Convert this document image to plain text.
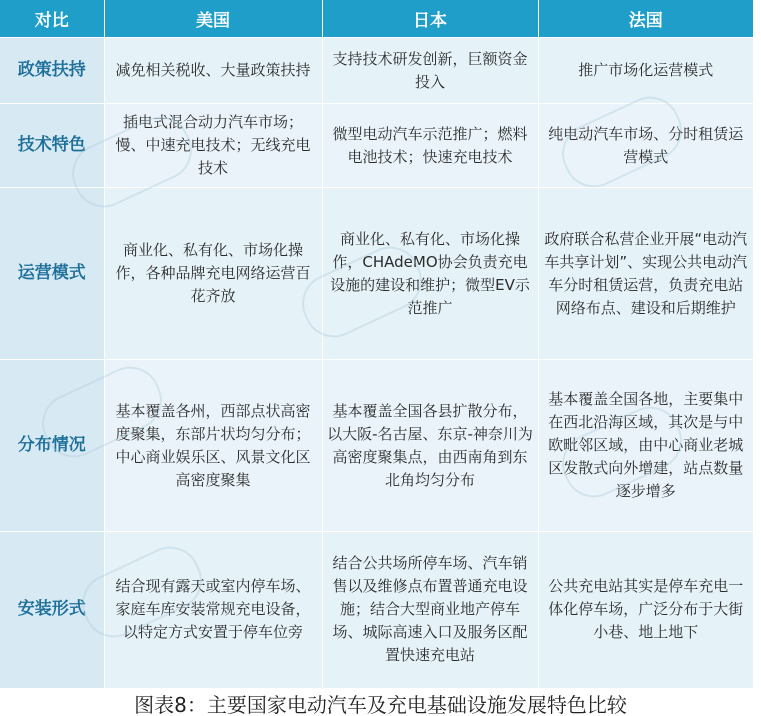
对比	美国	日本	法国
政策扶持	减免相关税收、大量政策扶持	支持技术研发创新，巨额资金投入	推广市场化运营模式
技术特色	插电式混合动力汽车市场；慢、中速充电技术；无线充电技术	微型电动汽车示范推广；燃料电池技术；快速充电技术	纯电动汽车市场、分时租赁运营模式
运营模式	商业化、私有化、市场化操作，各种品牌充电网络运营百花齐放	商业化、私有化、市场化操作，CHAdeMO协会负责充电设施的建设和维护；微型EV示范推广	政府联合私营企业开展“电动汽车共享计划”、实现公共电动汽车分时租赁运营，负责充电站网络布点、建设和后期维护
分布情况	基本覆盖各州，西部点状高密度聚集，东部片状均匀分布；中心商业娱乐区、风景文化区高密度聚集	基本覆盖全国各县扩散分布，以大阪-名古屋、东京-神奈川为高密度聚集点，由西南角到东北角均匀分布	基本覆盖全国各地，主要集中在西北沿海区域，其次是与中欧毗邻区域，由中心商业老城区发散式向外增建，站点数量逐步增多
安装形式	结合现有露天或室内停车场、家庭车库安装常规充电设备，以特定方式安置于停车位旁	结合公共场所停车场、汽车销售以及维修点布置普通充电设施；结合大型商业地产停车场、城际高速入口及服务区配置快速充电站	公共充电站其实是停车充电一体化停车场，广泛分布于大街小巷、地上地下
图表8：主要国家电动汽车及充电基础设施发展特色比较
